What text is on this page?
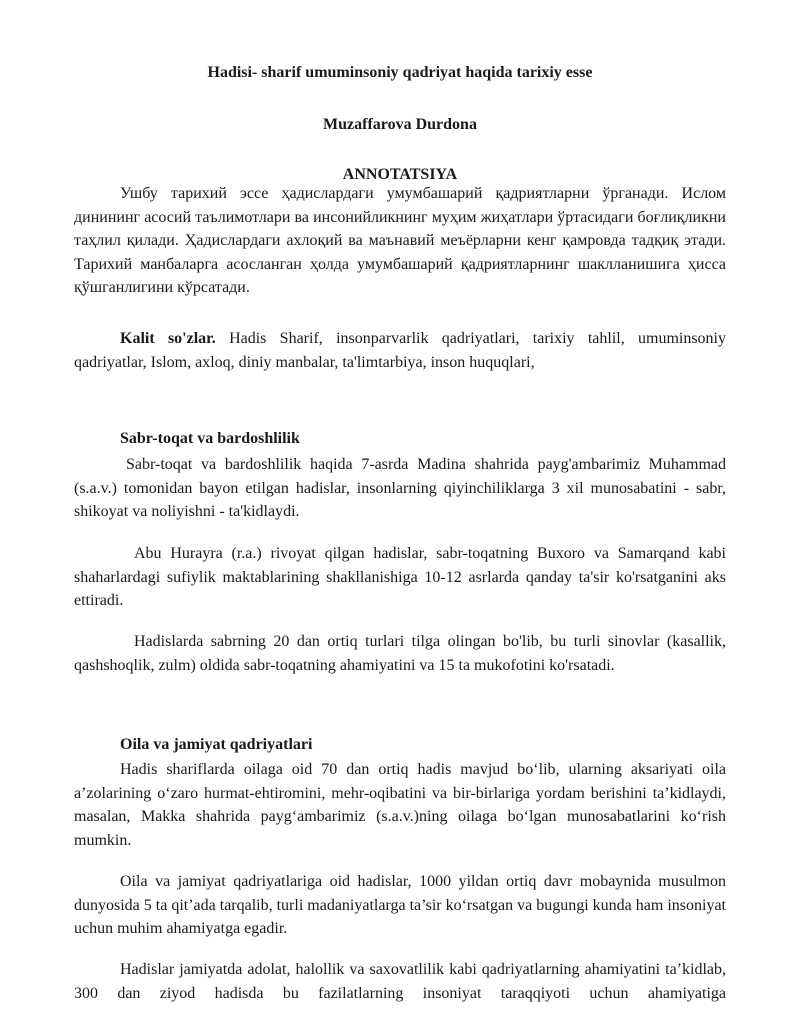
Hadisi- sharif umuminsoniy qadriyat haqida tarixiy esse
Muzaffarova Durdona
ANNOTATSIYA

Ушбу тарихий эссе ҳадислардаги умумбашарий қадриятларни ўрганади. Ислом динининг асосий таълимотлари ва инсонийликнинг муҳим жиҳатлари ўртасидаги боғлиқликни таҳлил қилади. Ҳадислардаги ахлоқий ва маънавий меъёрларни кенг қамровда тадқиқ этади. Тарихий манбаларга асосланган ҳолда умумбашарий қадриятларнинг шаклланишига ҳисса қўшганлигини кўрсатади.

Kalit so'zlar. Hadis Sharif, insonparvarlik qadriyatlari, tarixiy tahlil, umuminsoniy qadriyatlar, Islom, axloq, diniy manbalar, ta'limtarbiya, inson huquqlari,

Sabr-toqat va bardoshlilik

Sabr-toqat va bardoshlilik haqida 7-asrda Madina shahrida payg'ambarimiz Muhammad (s.a.v.) tomonidan bayon etilgan hadislar, insonlarning qiyinchiliklarga 3 xil munosabatini - sabr, shikoyat va noliyishni - ta'kidlaydi.

Abu Hurayra (r.a.) rivoyat qilgan hadislar, sabr-toqatning Buxoro va Samarqand kabi shaharlardagi sufiylik maktablarining shakllanishiga 10-12 asrlarda qanday ta'sir ko'rsatganini aks ettiradi.

Hadislarda sabrning 20 dan ortiq turlari tilga olingan bo'lib, bu turli sinovlar (kasallik, qashshoqlik, zulm) oldida sabr-toqatning ahamiyatini va 15 ta mukofotini ko'rsatadi.

Oila va jamiyat qadriyatlari

Hadis shariflarda oilaga oid 70 dan ortiq hadis mavjud bo‘lib, ularning aksariyati oila a’zolarining o‘zaro hurmat-ehtiromini, mehr-oqibatini va bir-birlariga yordam berishini ta’kidlaydi, masalan, Makka shahrida payg‘ambarimiz (s.a.v.)ning oilaga bo‘lgan munosabatlarini ko‘rish mumkin.

Oila va jamiyat qadriyatlariga oid hadislar, 1000 yildan ortiq davr mobaynida musulmon dunyosida 5 ta qit’ada tarqalib, turli madaniyatlarga ta’sir ko‘rsatgan va bugungi kunda ham insoniyat uchun muhim ahamiyatga egadir.

Hadislar jamiyatda adolat, halollik va saxovatlilik kabi qadriyatlarning ahamiyatini ta’kidlab, 300 dan ziyod hadisda bu fazilatlarning insoniyat taraqqiyoti uchun ahamiyatiga
